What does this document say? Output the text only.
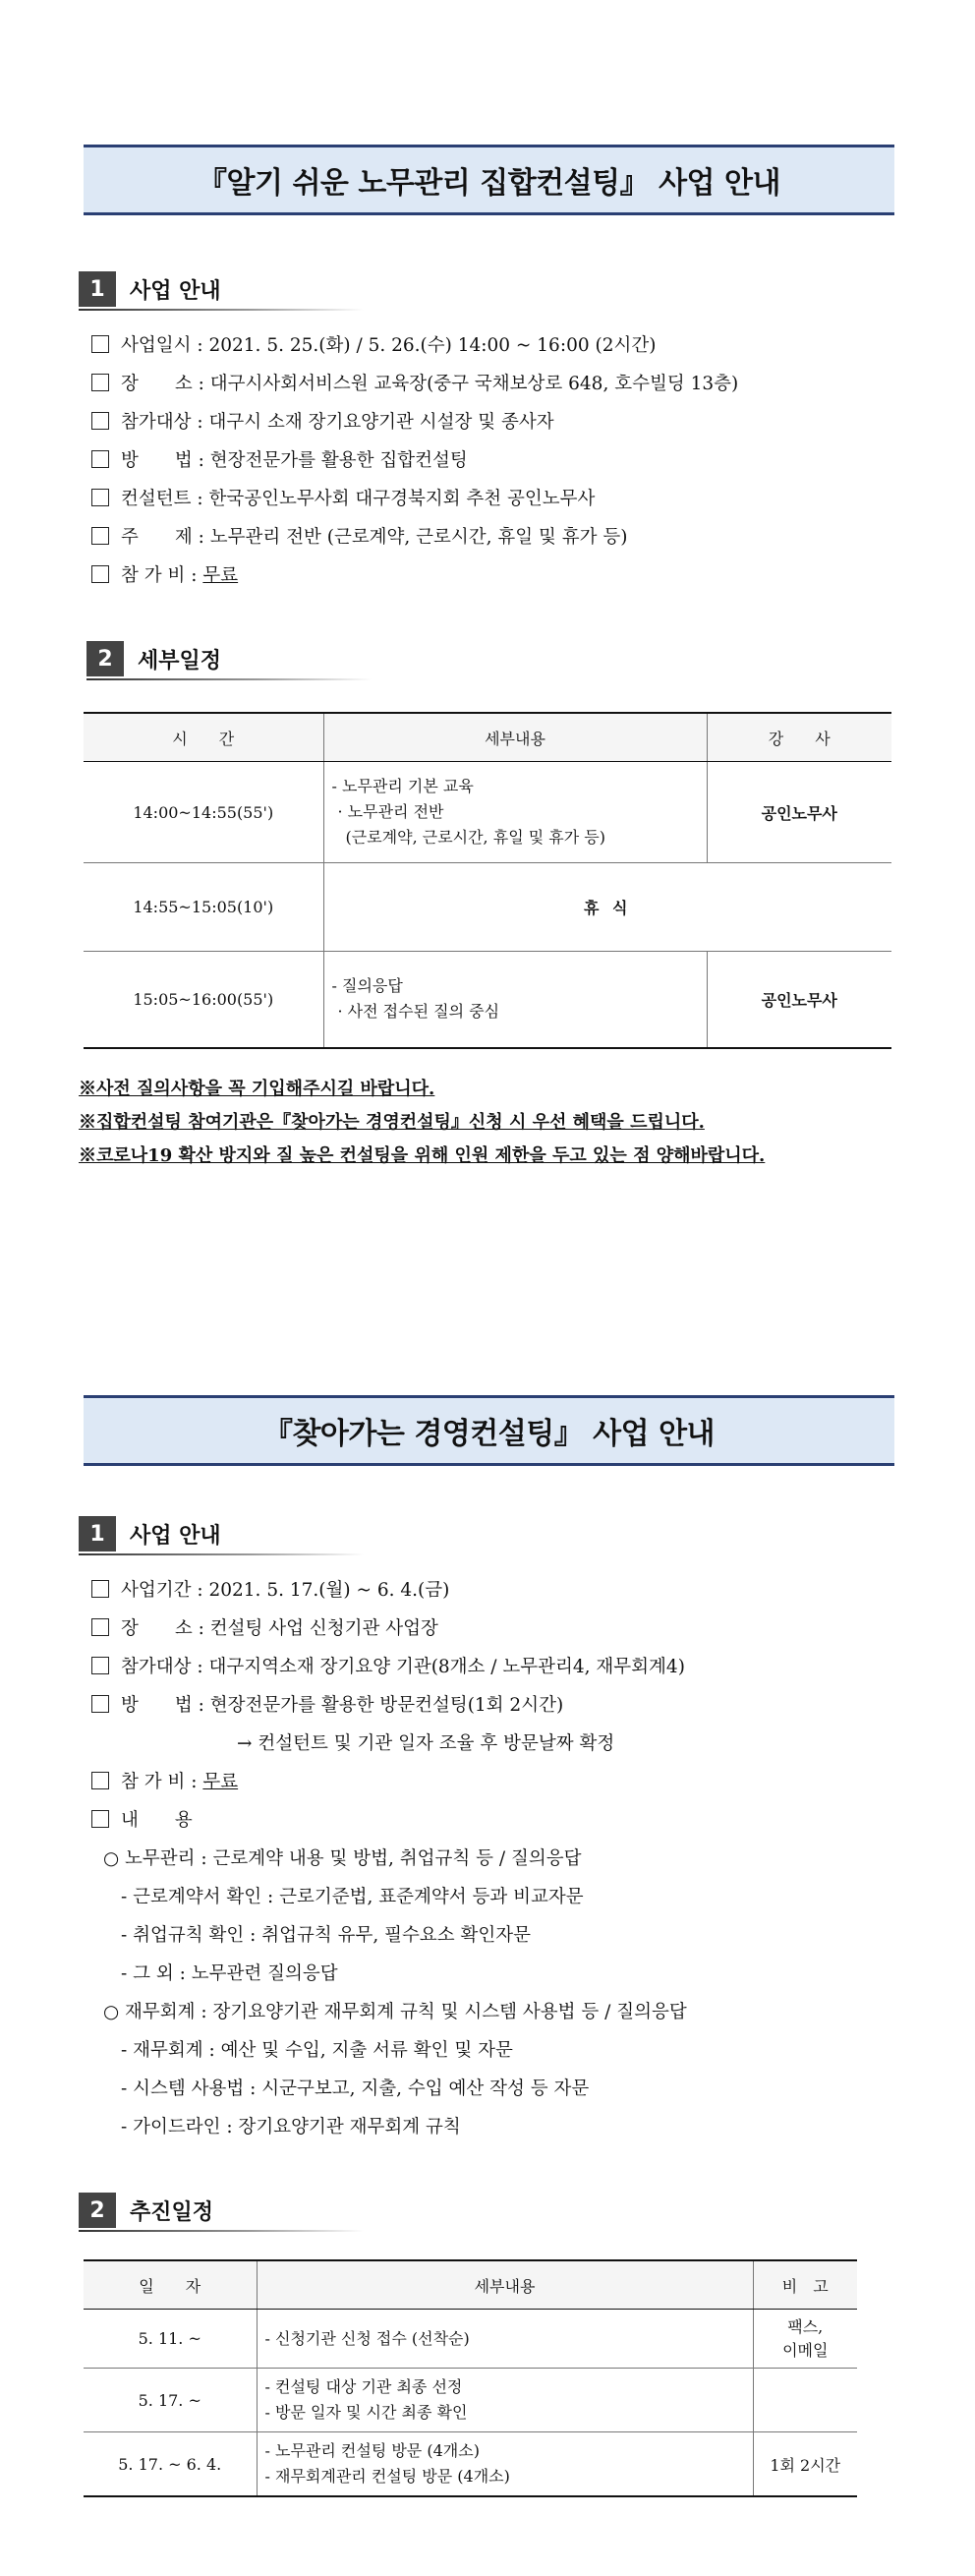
『알기 쉬운 노무관리 집합컨설팅』 사업 안내
1	사업 안내
사업일시 : 2021. 5. 25.(화) / 5. 26.(수) 14:00 ~ 16:00 (2시간)
장　　소 : 대구시사회서비스원 교육장(중구 국채보상로 648, 호수빌딩 13층)
참가대상 : 대구시 소재 장기요양기관 시설장 및 종사자
방　　법 : 현장전문가를 활용한 집합컨설팅
컨설턴트 : 한국공인노무사회 대구경북지회 추천 공인노무사
주　　제 : 노무관리 전반 (근로계약, 근로시간, 휴일 및 휴가 등)
참 가 비 : 무료
2	세부일정
시　　간	세부내용	강　　사
14:00~14:55(55')	- 노무관리 기본 교육
· 노무관리 전반
(근로계약, 근로시간, 휴일 및 휴가 등)	공인노무사
14:55~15:05(10')	휴 식	
15:05~16:00(55')	- 질의응답
· 사전 접수된 질의 중심	공인노무사
※사전 질의사항을 꼭 기입해주시길 바랍니다.
※집합컨설팅 참여기관은『찾아가는 경영컨설팅』신청 시 우선 혜택을 드립니다.
※코로나19 확산 방지와 질 높은 컨설팅을 위해 인원 제한을 두고 있는 점 양해바랍니다.
『찾아가는 경영컨설팅』 사업 안내
1	사업 안내
사업기간 : 2021. 5. 17.(월) ~ 6. 4.(금)
장　　소 : 컨설팅 사업 신청기관 사업장
참가대상 : 대구지역소재 장기요양 기관(8개소 / 노무관리4, 재무회계4)
방　　법 : 현장전문가를 활용한 방문컨설팅(1회 2시간)
→ 컨설턴트 및 기관 일자 조율 후 방문날짜 확정
참 가 비 : 무료
내　　용
○ 노무관리 : 근로계약 내용 및 방법, 취업규칙 등 / 질의응답
- 근로계약서 확인 : 근로기준법, 표준계약서 등과 비교자문
- 취업규칙 확인 : 취업규칙 유무, 필수요소 확인자문
- 그 외 : 노무관련 질의응답
○ 재무회계 : 장기요양기관 재무회계 규칙 및 시스템 사용법 등 / 질의응답
- 재무회계 : 예산 및 수입, 지출 서류 확인 및 자문
- 시스템 사용법 : 시군구보고, 지출, 수입 예산 작성 등 자문
- 가이드라인 : 장기요양기관 재무회계 규칙
2	추진일정
일　　자	세부내용	비　고
5. 11. ~	- 신청기관 신청 접수 (선착순)	팩스,
이메일

5. 17. ~	- 컨설팅 대상 기관 최종 선정
- 방문 일자 및 시간 최종 확인	

5. 17. ~ 6. 4.	- 노무관리 컨설팅 방문 (4개소)
- 재무회계관리 컨설팅 방문 (4개소)	1회 2시간
